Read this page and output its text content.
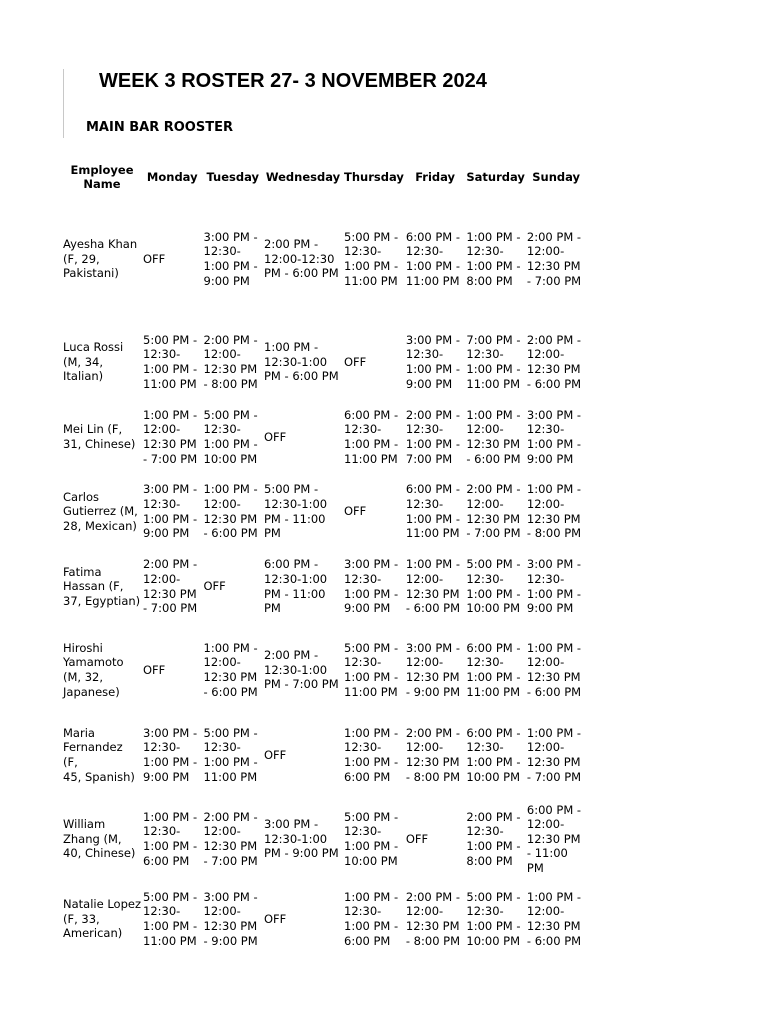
WEEK 3 ROSTER 27- 3 NOVEMBER 2024
MAIN BAR ROOSTER
Employee
Name	Monday	Tuesday	Wednesday	Thursday	Friday	Saturday	Sunday
Ayesha Khan
(F, 29,
Pakistani)	OFF	3:00 PM -
12:30-
1:00 PM -
9:00 PM	2:00 PM -
12:00-12:30
PM - 6:00 PM	5:00 PM -
12:30-
1:00 PM -
11:00 PM	6:00 PM -
12:30-
1:00 PM -
11:00 PM	1:00 PM -
12:30-
1:00 PM -
8:00 PM	2:00 PM -
12:00-
12:30 PM
- 7:00 PM
Luca Rossi
(M, 34,
Italian)	5:00 PM -
12:30-
1:00 PM -
11:00 PM	2:00 PM -
12:00-
12:30 PM
- 8:00 PM	1:00 PM -
12:30-1:00
PM - 6:00 PM	OFF	3:00 PM -
12:30-
1:00 PM -
9:00 PM	7:00 PM -
12:30-
1:00 PM -
11:00 PM	2:00 PM -
12:00-
12:30 PM
- 6:00 PM
Mei Lin (F,
31, Chinese)	1:00 PM -
12:00-
12:30 PM
- 7:00 PM	5:00 PM -
12:30-
1:00 PM -
10:00 PM	OFF	6:00 PM -
12:30-
1:00 PM -
11:00 PM	2:00 PM -
12:30-
1:00 PM -
7:00 PM	1:00 PM -
12:00-
12:30 PM
- 6:00 PM	3:00 PM -
12:30-
1:00 PM -
9:00 PM
Carlos
Gutierrez (M,
28, Mexican)	3:00 PM -
12:30-
1:00 PM -
9:00 PM	1:00 PM -
12:00-
12:30 PM
- 6:00 PM	5:00 PM -
12:30-1:00
PM - 11:00
PM	OFF	6:00 PM -
12:30-
1:00 PM -
11:00 PM	2:00 PM -
12:00-
12:30 PM
- 7:00 PM	1:00 PM -
12:00-
12:30 PM
- 8:00 PM
Fatima
Hassan (F,
37, Egyptian)	2:00 PM -
12:00-
12:30 PM
- 7:00 PM	OFF	6:00 PM -
12:30-1:00
PM - 11:00
PM	3:00 PM -
12:30-
1:00 PM -
9:00 PM	1:00 PM -
12:00-
12:30 PM
- 6:00 PM	5:00 PM -
12:30-
1:00 PM -
10:00 PM	3:00 PM -
12:30-
1:00 PM -
9:00 PM
Hiroshi
Yamamoto
(M, 32,
Japanese)	OFF	1:00 PM -
12:00-
12:30 PM
- 6:00 PM	2:00 PM -
12:30-1:00
PM - 7:00 PM	5:00 PM -
12:30-
1:00 PM -
11:00 PM	3:00 PM -
12:00-
12:30 PM
- 9:00 PM	6:00 PM -
12:30-
1:00 PM -
11:00 PM	1:00 PM -
12:00-
12:30 PM
- 6:00 PM
Maria
Fernandez (F,
45, Spanish)	3:00 PM -
12:30-
1:00 PM -
9:00 PM	5:00 PM -
12:30-
1:00 PM -
11:00 PM	OFF	1:00 PM -
12:30-
1:00 PM -
6:00 PM	2:00 PM -
12:00-
12:30 PM
- 8:00 PM	6:00 PM -
12:30-
1:00 PM -
10:00 PM	1:00 PM -
12:00-
12:30 PM
- 7:00 PM
William
Zhang (M,
40, Chinese)	1:00 PM -
12:30-
1:00 PM -
6:00 PM	2:00 PM -
12:00-
12:30 PM
- 7:00 PM	3:00 PM -
12:30-1:00
PM - 9:00 PM	5:00 PM -
12:30-
1:00 PM -
10:00 PM	OFF	2:00 PM -
12:30-
1:00 PM -
8:00 PM	6:00 PM -
12:00-
12:30 PM
- 11:00
PM
Natalie Lopez
(F, 33,
American)	5:00 PM -
12:30-
1:00 PM -
11:00 PM	3:00 PM -
12:00-
12:30 PM
- 9:00 PM	OFF	1:00 PM -
12:30-
1:00 PM -
6:00 PM	2:00 PM -
12:00-
12:30 PM
- 8:00 PM	5:00 PM -
12:30-
1:00 PM -
10:00 PM	1:00 PM -
12:00-
12:30 PM
- 6:00 PM
